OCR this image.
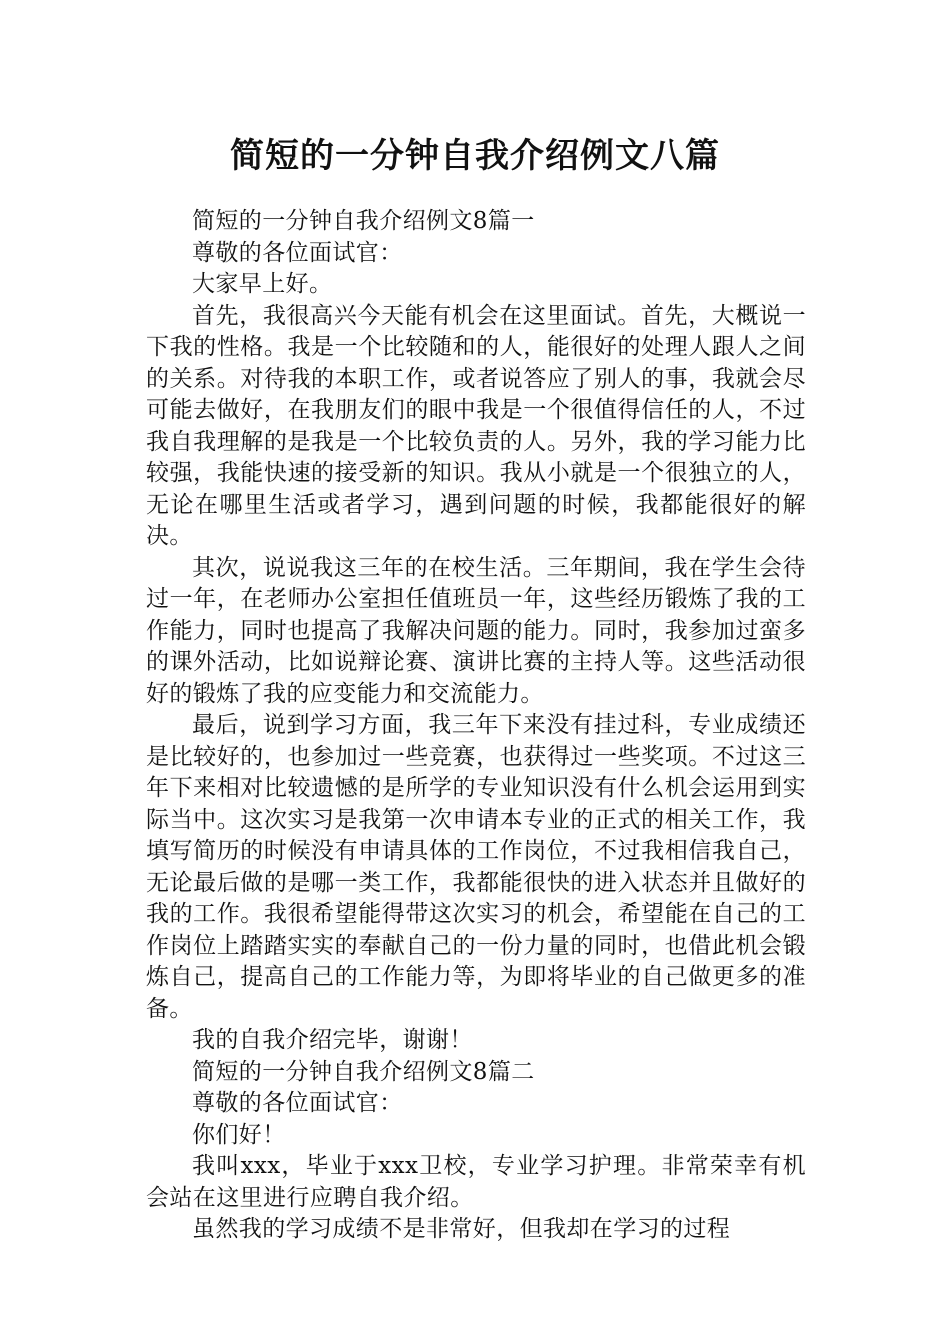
简短的一分钟自我介绍例文八篇

简短的一分钟自我介绍例文8篇一

尊敬的各位面试官：

大家早上好。

首先，我很高兴今天能有机会在这里面试。首先，大概说一下我的性格。我是一个比较随和的人，能很好的处理人跟人之间的关系。对待我的本职工作，或者说答应了别人的事，我就会尽可能去做好，在我朋友们的眼中我是一个很值得信任的人，不过我自我理解的是我是一个比较负责的人。另外，我的学习能力比较强，我能快速的接受新的知识。我从小就是一个很独立的人，无论在哪里生活或者学习，遇到问题的时候，我都能很好的解决。

其次，说说我这三年的在校生活。三年期间，我在学生会待过一年，在老师办公室担任值班员一年，这些经历锻炼了我的工作能力，同时也提高了我解决问题的能力。同时，我参加过蛮多的课外活动，比如说辩论赛、演讲比赛的主持人等。这些活动很好的锻炼了我的应变能力和交流能力。

最后，说到学习方面，我三年下来没有挂过科，专业成绩还是比较好的，也参加过一些竞赛，也获得过一些奖项。不过这三年下来相对比较遗憾的是所学的专业知识没有什么机会运用到实际当中。这次实习是我第一次申请本专业的正式的相关工作，我填写简历的时候没有申请具体的工作岗位，不过我相信我自己，无论最后做的是哪一类工作，我都能很快的进入状态并且做好的我的工作。我很希望能得带这次实习的机会，希望能在自己的工作岗位上踏踏实实的奉献自己的一份力量的同时，也借此机会锻炼自己，提高自己的工作能力等，为即将毕业的自己做更多的准备。

我的自我介绍完毕，谢谢！

简短的一分钟自我介绍例文8篇二

尊敬的各位面试官：

你们好！

我叫xxx，毕业于xxx卫校，专业学习护理。非常荣幸有机会站在这里进行应聘自我介绍。

虽然我的学习成绩不是非常好，但我却在学习的过程
